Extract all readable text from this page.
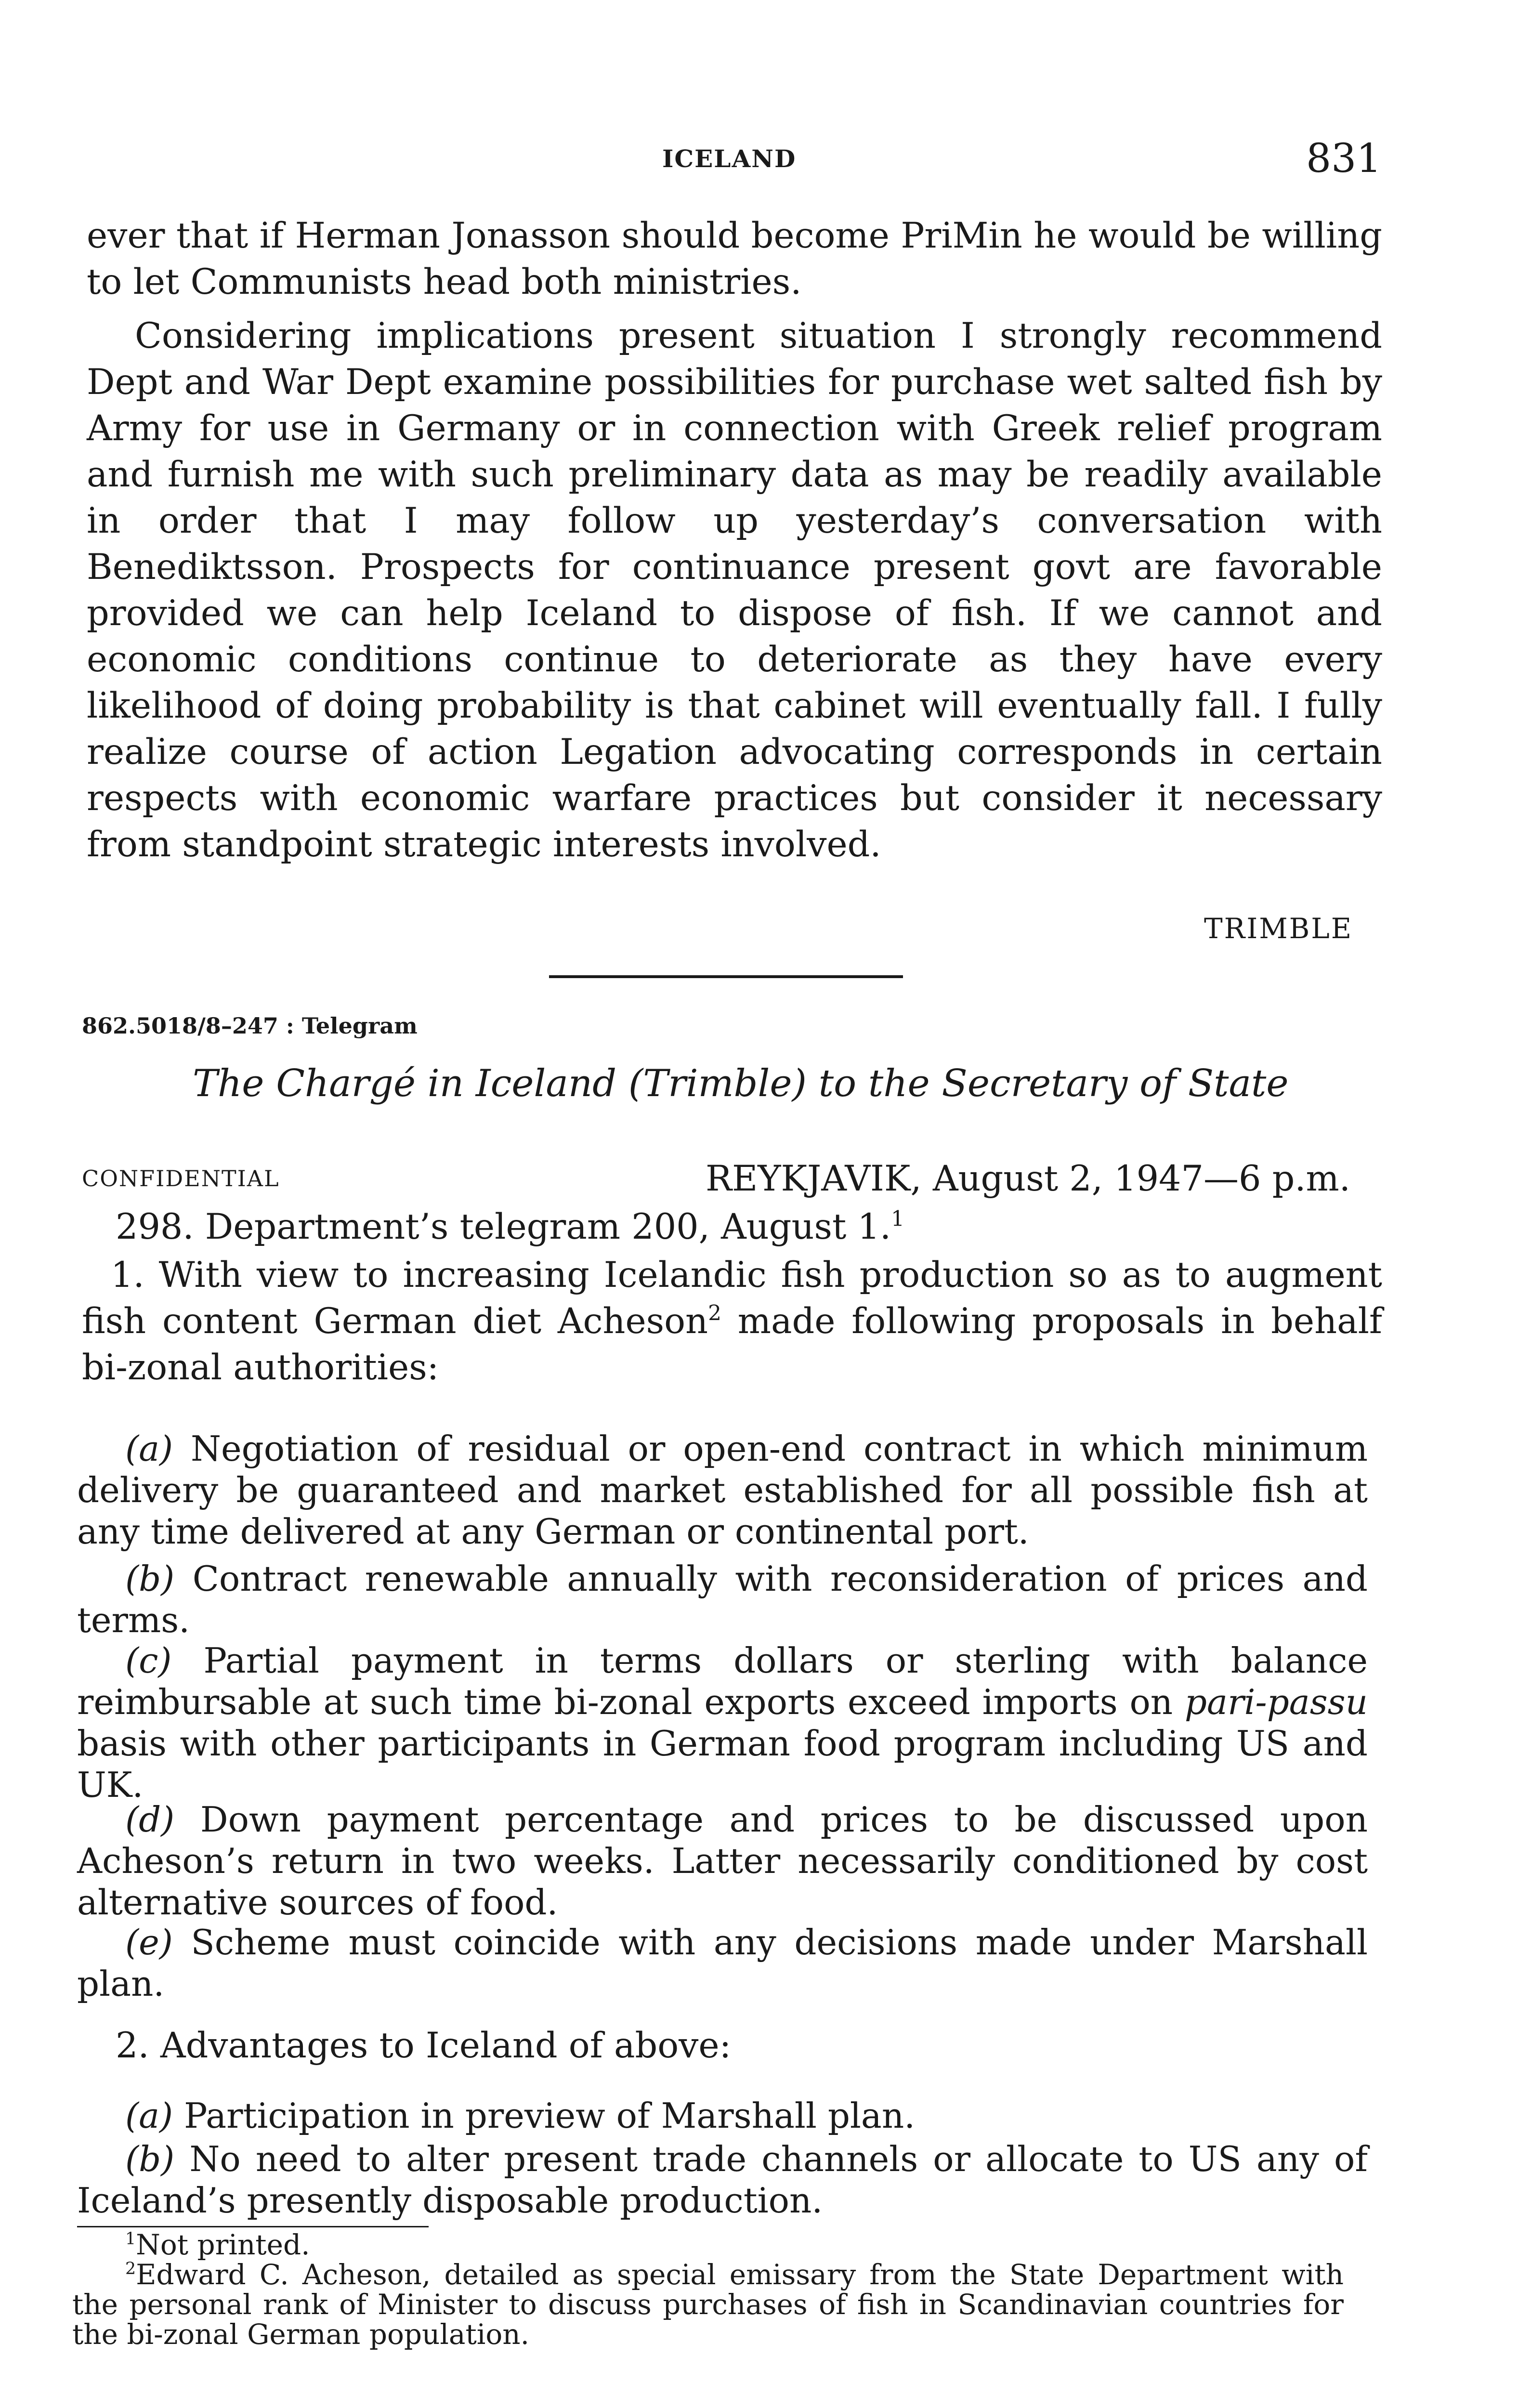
ICELAND	831

ever that if Herman Jonasson should become PriMin he would be willing to let Communists head both ministries.

Considering implications present situation I strongly recommend Dept and War Dept examine possibilities for purchase wet salted fish by Army for use in Germany or in connection with Greek relief program and furnish me with such preliminary data as may be readily available in order that I may follow up yesterday’s conversation with Benediktsson. Prospects for continuance present govt are favorable provided we can help Iceland to dispose of fish. If we cannot and economic conditions continue to deteriorate as they have every likelihood of doing probability is that cabinet will eventually fall. I fully realize course of action Legation advocating corresponds in certain respects with economic warfare practices but consider it necessary from standpoint strategic interests involved.

TRIMBLE
862.5018/8–247 : Telegram
The Chargé in Iceland (Trimble) to the Secretary of State
CONFIDENTIAL	REYKJAVIK, August 2, 1947—6 p.m.

298. Department’s telegram 200, August 1.$^1$

1. With view to increasing Icelandic fish production so as to augment fish content German diet Acheson$^2$ made following proposals in behalf bi-zonal authorities:

(a) Negotiation of residual or open-end contract in which minimum delivery be guaranteed and market established for all possible fish at any time delivered at any German or continental port.

(b) Contract renewable annually with reconsideration of prices and terms.

(c) Partial payment in terms dollars or sterling with balance reimbursable at such time bi-zonal exports exceed imports on pari-passu basis with other participants in German food program including US and UK.

(d) Down payment percentage and prices to be discussed upon Acheson’s return in two weeks. Latter necessarily conditioned by cost alternative sources of food.

(e) Scheme must coincide with any decisions made under Marshall plan.

2. Advantages to Iceland of above:

(a) Participation in preview of Marshall plan.

(b) No need to alter present trade channels or allocate to US any of Iceland’s presently disposable production.

$^1$Not printed.

$^2$Edward C. Acheson, detailed as special emissary from the State Department with the personal rank of Minister to discuss purchases of fish in Scandinavian countries for the bi-zonal German population.
